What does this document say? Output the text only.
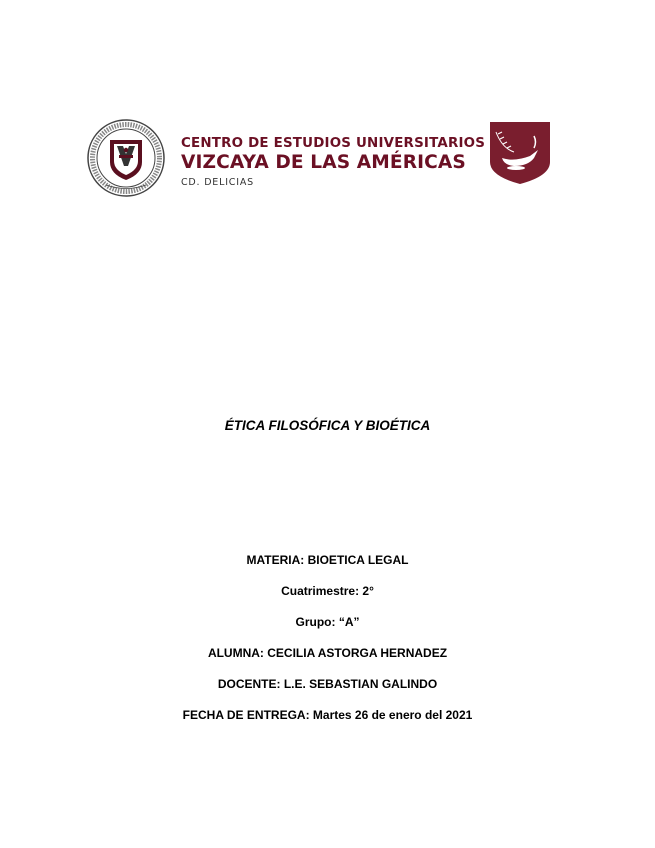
CENTRO DE ESTUDIOS UNIVERSITARIOS
VIZCAYA DE LAS AMÉRICAS
CD. DELICIAS
ÉTICA FILOSÓFICA Y BIOÉTICA
MATERIA: BIOETICA LEGAL
Cuatrimestre: 2°
Grupo: “A”
ALUMNA: CECILIA ASTORGA HERNADEZ
DOCENTE: L.E. SEBASTIAN GALINDO
FECHA DE ENTREGA: Martes 26 de enero del 2021
